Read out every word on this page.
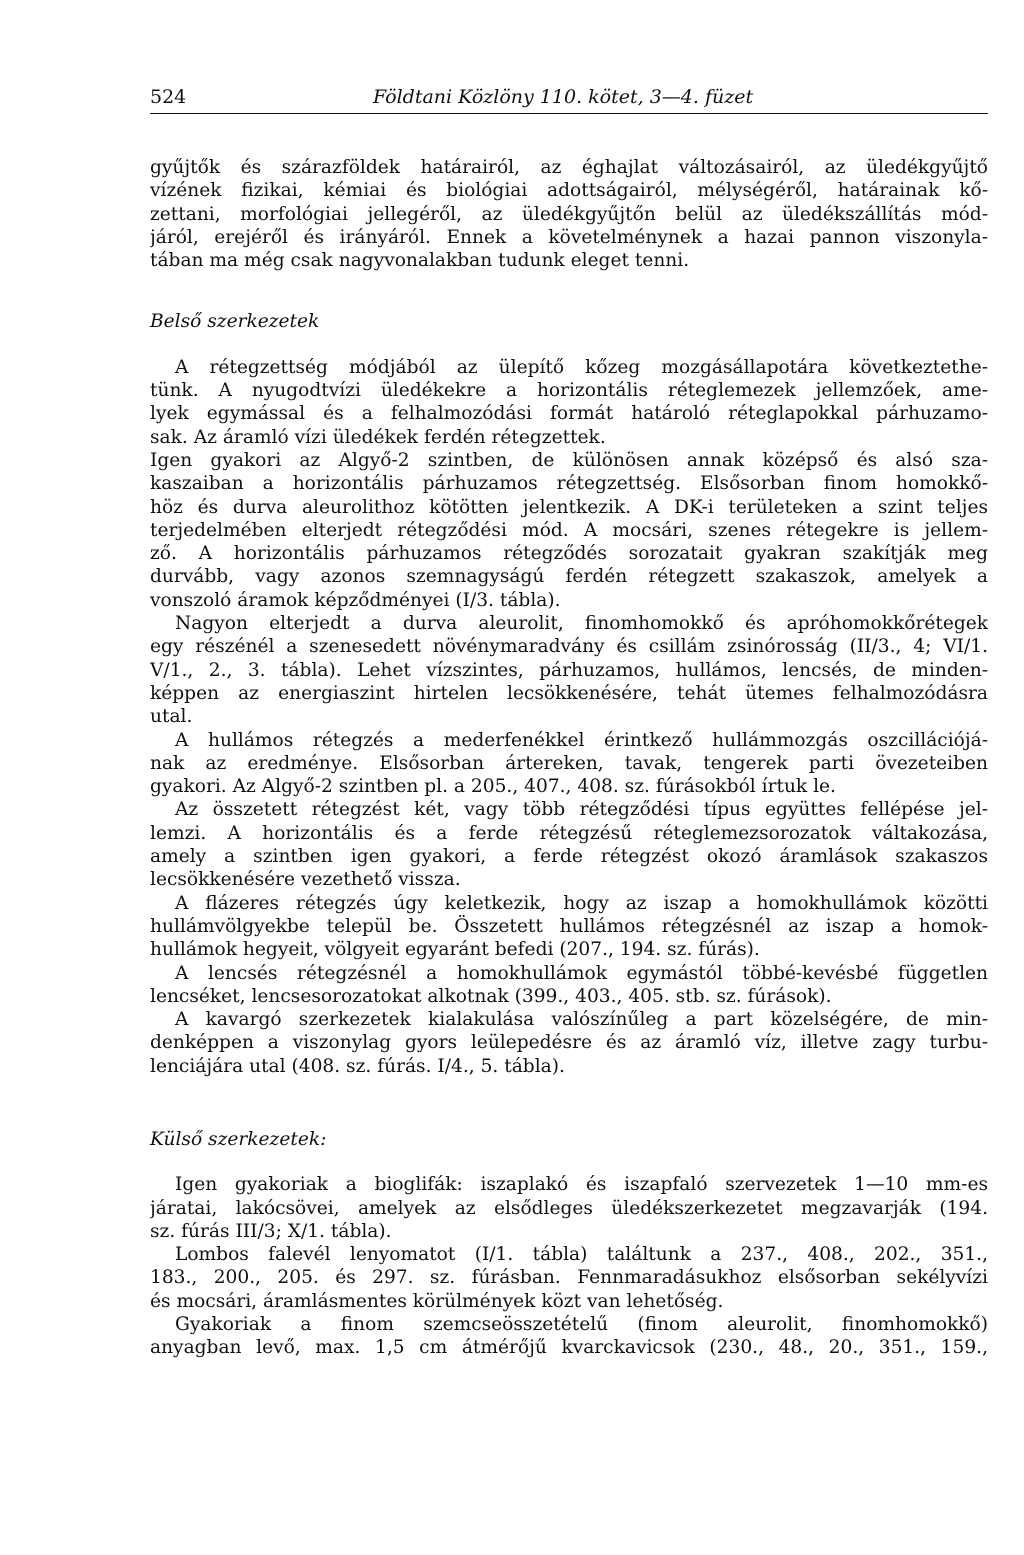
524	Földtani Közlöny 110. kötet, 3—4. füzet
gyűjtők és szárazföldek határairól, az éghajlat változásairól, az üledékgyűjtő
vízének fizikai, kémiai és biológiai adottságairól, mélységéről, határainak kő-
zettani, morfológiai jellegéről, az üledékgyűjtőn belül az üledékszállítás mód-
járól, erejéről és irányáról. Ennek a követelménynek a hazai pannon viszonyla-
tában ma még csak nagyvonalakban tudunk eleget tenni.
Belső szerkezetek
A rétegzettség módjából az ülepítő kőzeg mozgásállapotára következtethe-
tünk. A nyugodtvízi üledékekre a horizontális réteglemezek jellemzőek, ame-
lyek egymással és a felhalmozódási formát határoló réteglapokkal párhuzamo-
sak. Az áramló vízi üledékek ferdén rétegzettek.
Igen gyakori az Algyő-2 szintben, de különösen annak középső és alsó sza-
kaszaiban a horizontális párhuzamos rétegzettség. Elsősorban finom homokkő-
höz és durva aleurolithoz kötötten jelentkezik. A DK-i területeken a szint teljes
terjedelmében elterjedt rétegződési mód. A mocsári, szenes rétegekre is jellem-
ző. A horizontális párhuzamos rétegződés sorozatait gyakran szakítják meg
durvább, vagy azonos szemnagyságú ferdén rétegzett szakaszok, amelyek a
vonszoló áramok képződményei (I/3. tábla).
Nagyon elterjedt a durva aleurolit, finomhomokkő és apróhomokkőrétegek
egy részénél a szenesedett növénymaradvány és csillám zsinórosság (II/3., 4; VI/1.
V/1., 2., 3. tábla). Lehet vízszintes, párhuzamos, hullámos, lencsés, de minden-
képpen az energiaszint hirtelen lecsökkenésére, tehát ütemes felhalmozódásra
utal.
A hullámos rétegzés a mederfenékkel érintkező hullámmozgás oszcillációjá-
nak az eredménye. Elsősorban ártereken, tavak, tengerek parti övezeteiben
gyakori. Az Algyő-2 szintben pl. a 205., 407., 408. sz. fúrásokból írtuk le.
Az összetett rétegzést két, vagy több rétegződési típus együttes fellépése jel-
lemzi. A horizontális és a ferde rétegzésű réteglemezsorozatok váltakozása,
amely a szintben igen gyakori, a ferde rétegzést okozó áramlások szakaszos
lecsökkenésére vezethető vissza.
A flázeres rétegzés úgy keletkezik, hogy az iszap a homokhullámok közötti
hullámvölgyekbe települ be. Összetett hullámos rétegzésnél az iszap a homok-
hullámok hegyeit, völgyeit egyaránt befedi (207., 194. sz. fúrás).
A lencsés rétegzésnél a homokhullámok egymástól többé-kevésbé független
lencséket, lencsesorozatokat alkotnak (399., 403., 405. stb. sz. fúrások).
A kavargó szerkezetek kialakulása valószínűleg a part közelségére, de min-
denképpen a viszonylag gyors leülepedésre és az áramló víz, illetve zagy turbu-
lenciájára utal (408. sz. fúrás. I/4., 5. tábla).
Külső szerkezetek:
Igen gyakoriak a bioglifák: iszaplakó és iszapfaló szervezetek 1—10 mm-es
járatai, lakócsövei, amelyek az elsődleges üledékszerkezetet megzavarják (194.
sz. fúrás III/3; X/1. tábla).
Lombos falevél lenyomatot (I/1. tábla) találtunk a 237., 408., 202., 351.,
183., 200., 205. és 297. sz. fúrásban. Fennmaradásukhoz elsősorban sekélyvízi
és mocsári, áramlásmentes körülmények közt van lehetőség.
Gyakoriak a finom szemcseösszetételű (finom aleurolit, finomhomokkő)
anyagban levő, max. 1,5 cm átmérőjű kvarckavicsok (230., 48., 20., 351., 159.,
